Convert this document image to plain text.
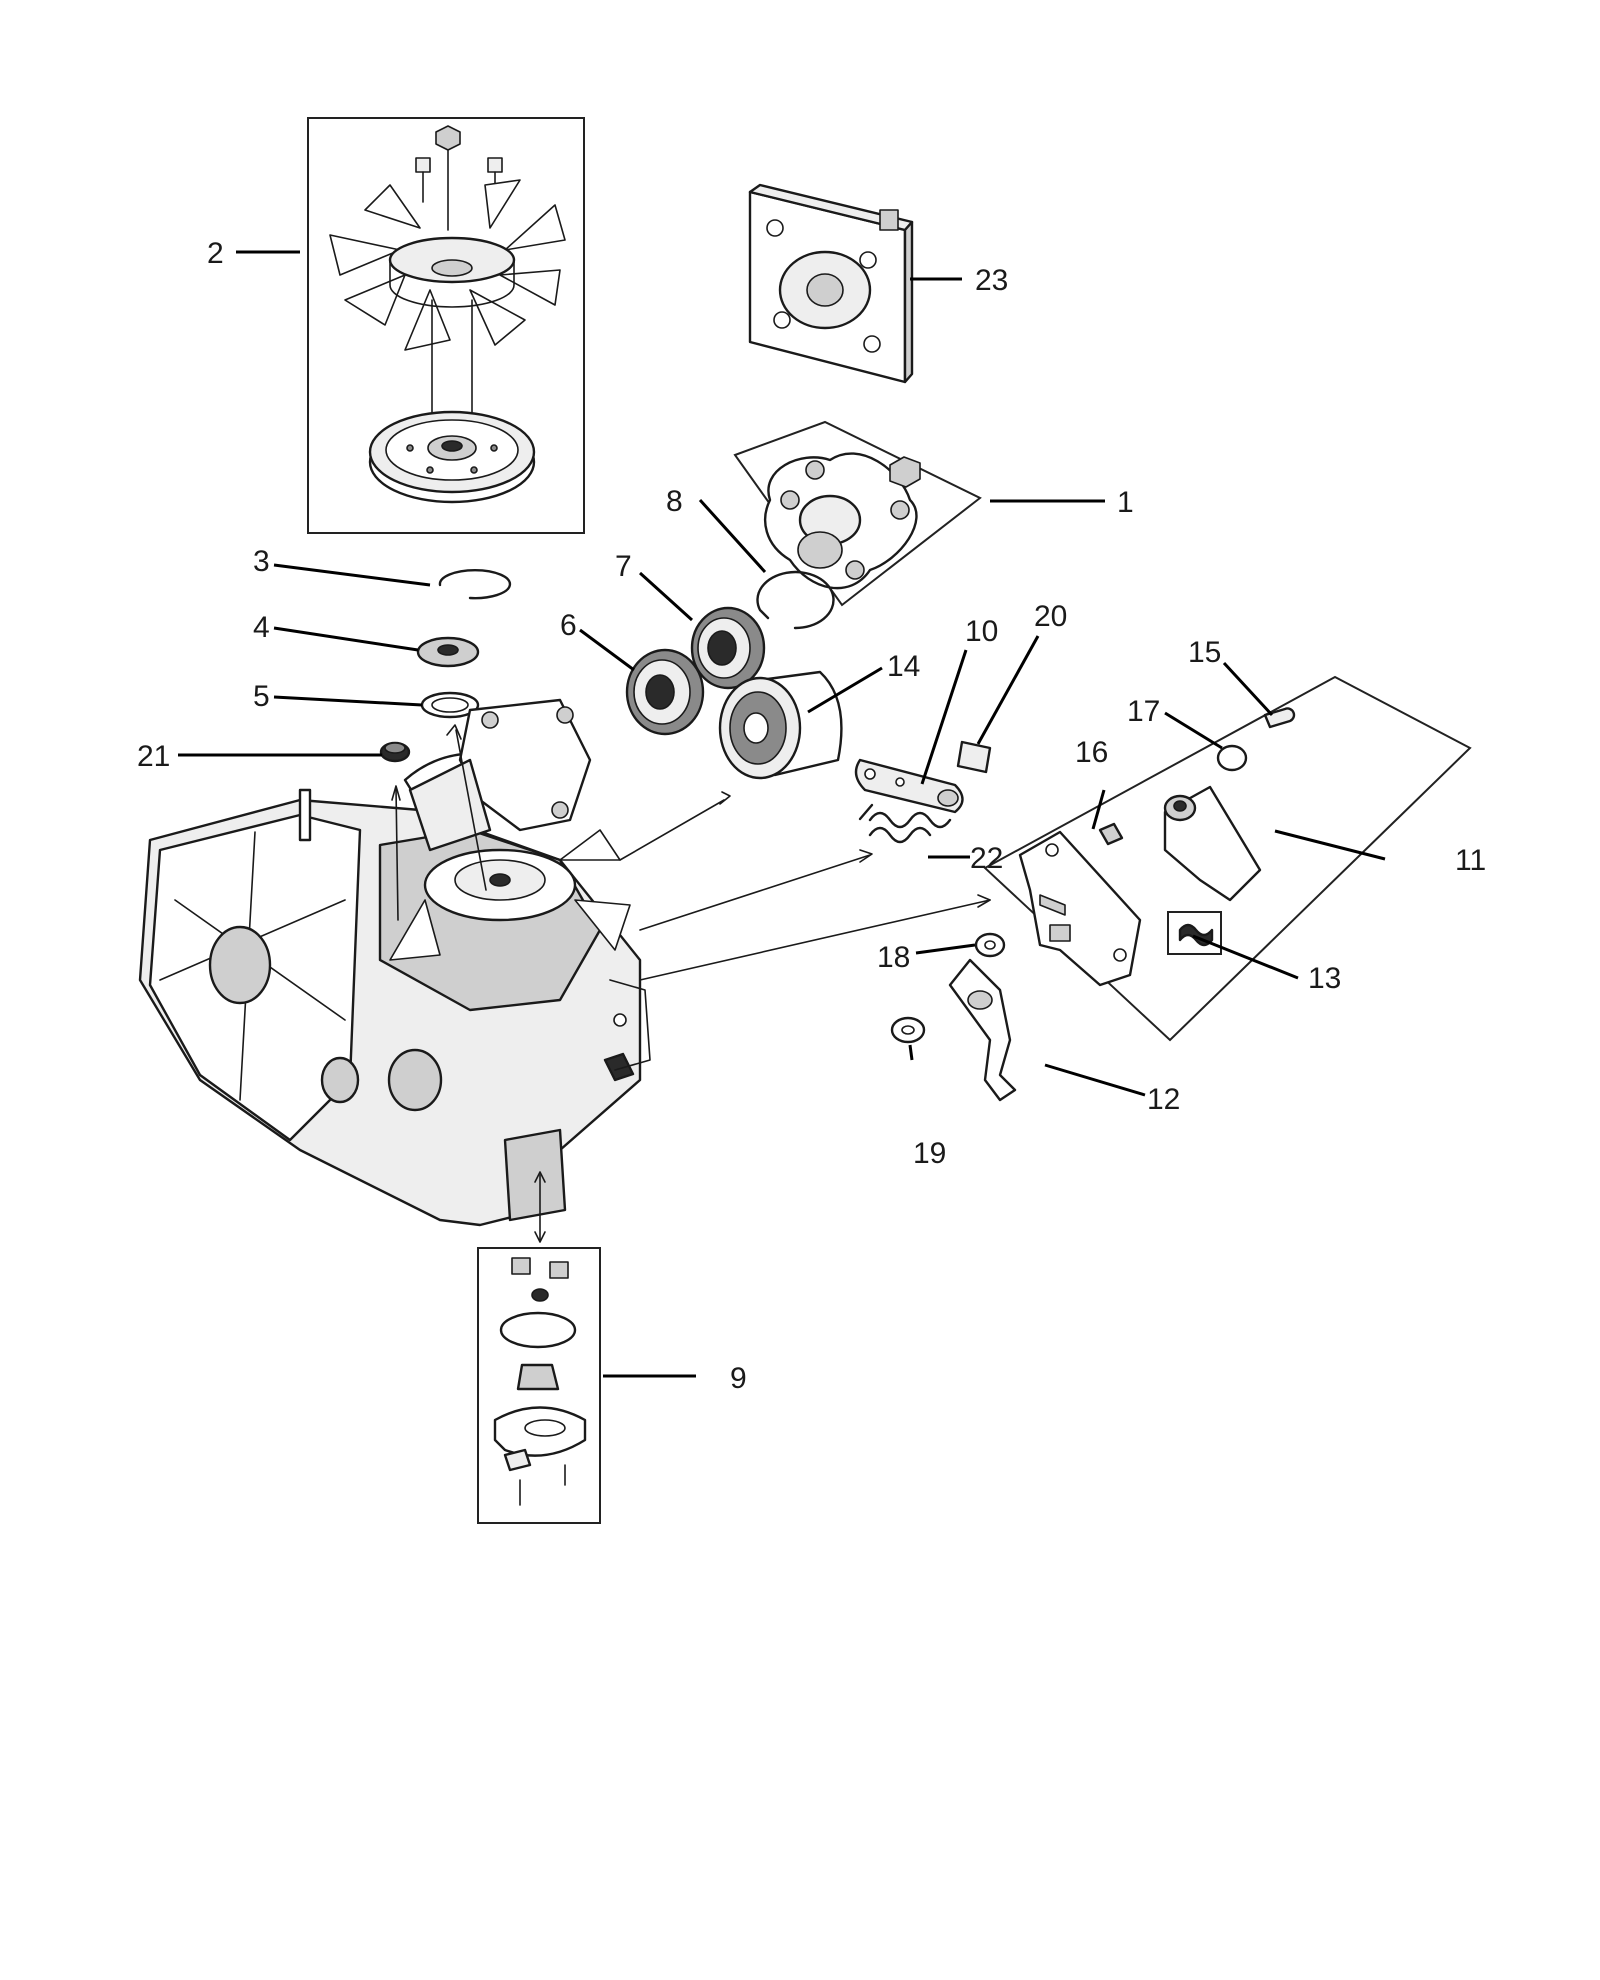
1
2
3
4
5
6
7
8
9
10
11
12
13
14	15
16
17
18
19
20
21
22
23
